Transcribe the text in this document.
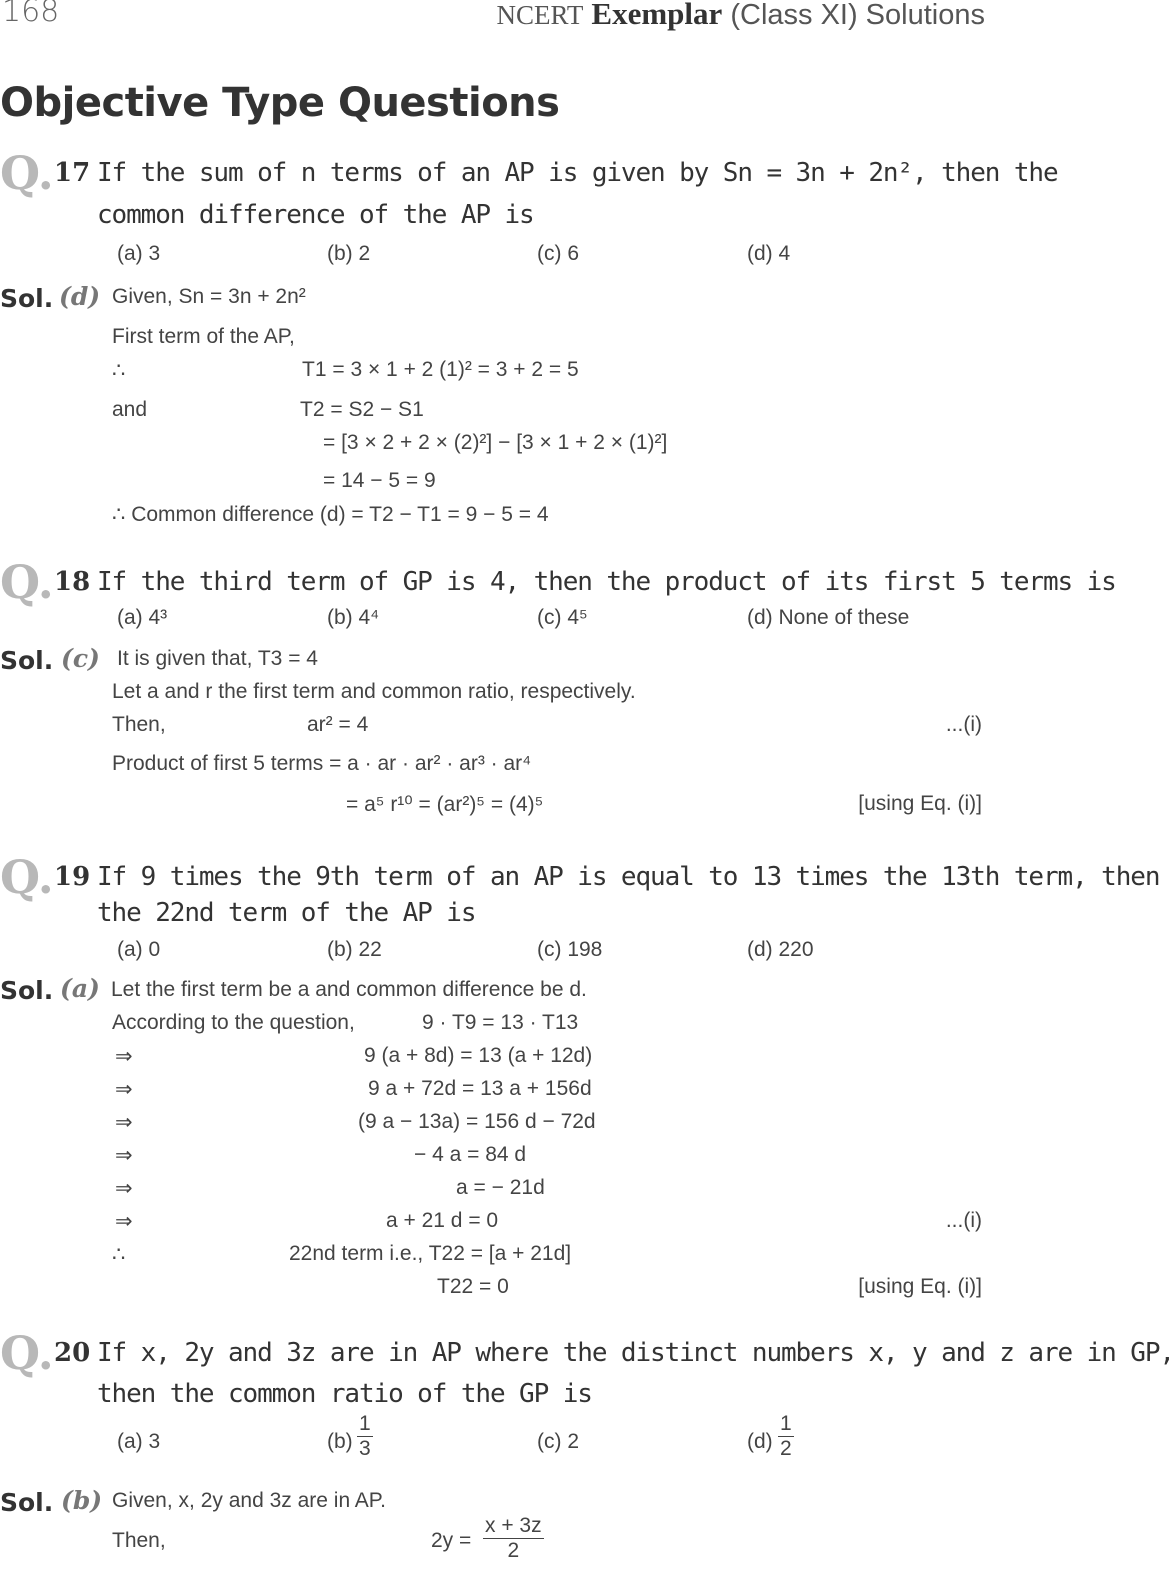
168	NCERT Exemplar (Class XI) Solutions
Objective Type Questions
Q. 17 If the sum of n terms of an AP is given by Sn = 3n + 2n², then the
common difference of the AP is
(a) 3	(b) 2	(c) 6	(d) 4
Sol. (d) Given, Sn = 3n + 2n²
First term of the AP,
∴	T1 = 3 × 1 + 2 (1)² = 3 + 2 = 5
and	T2 = S2 − S1
= [3 × 2 + 2 × (2)²] − [3 × 1 + 2 × (1)²]
= 14 − 5 = 9
∴ Common difference (d) = T2 − T1 = 9 − 5 = 4
Q. 18 If the third term of GP is 4, then the product of its first 5 terms is
(a) 4³	(b) 4⁴	(c) 4⁵	(d) None of these
Sol. (c) It is given that, T3 = 4
Let a and r the first term and common ratio, respectively.
Then,	ar² = 4	...(i)
Product of first 5 terms = a · ar · ar² · ar³ · ar⁴
= a⁵ r¹⁰ = (ar²)⁵ = (4)⁵	[using Eq. (i)]
Q. 19 If 9 times the 9th term of an AP is equal to 13 times the 13th term, then
the 22nd term of the AP is
(a) 0	(b) 22	(c) 198	(d) 220
Sol. (a) Let the first term be a and common difference be d.
According to the question,	9 · T9 = 13 · T13
⇒	9 (a + 8d) = 13 (a + 12d)
⇒	9 a + 72d = 13 a + 156d
⇒	(9 a − 13a) = 156 d − 72d
⇒	− 4 a = 84 d
⇒	a = − 21d
⇒	a + 21 d = 0	...(i)
∴	22nd term i.e., T22 = [a + 21d]
T22 = 0	[using Eq. (i)]
Q. 20 If x, 2y and 3z are in AP where the distinct numbers x, y and z are in GP,
then the common ratio of the GP is
(a) 3	$(b) \frac{1}{3}$	(c) 2	$(d) \frac{1}{2}$
Sol. (b) Given, x, 2y and 3z are in AP.
Then,	$2y = \frac{x + 3z}{2}$
